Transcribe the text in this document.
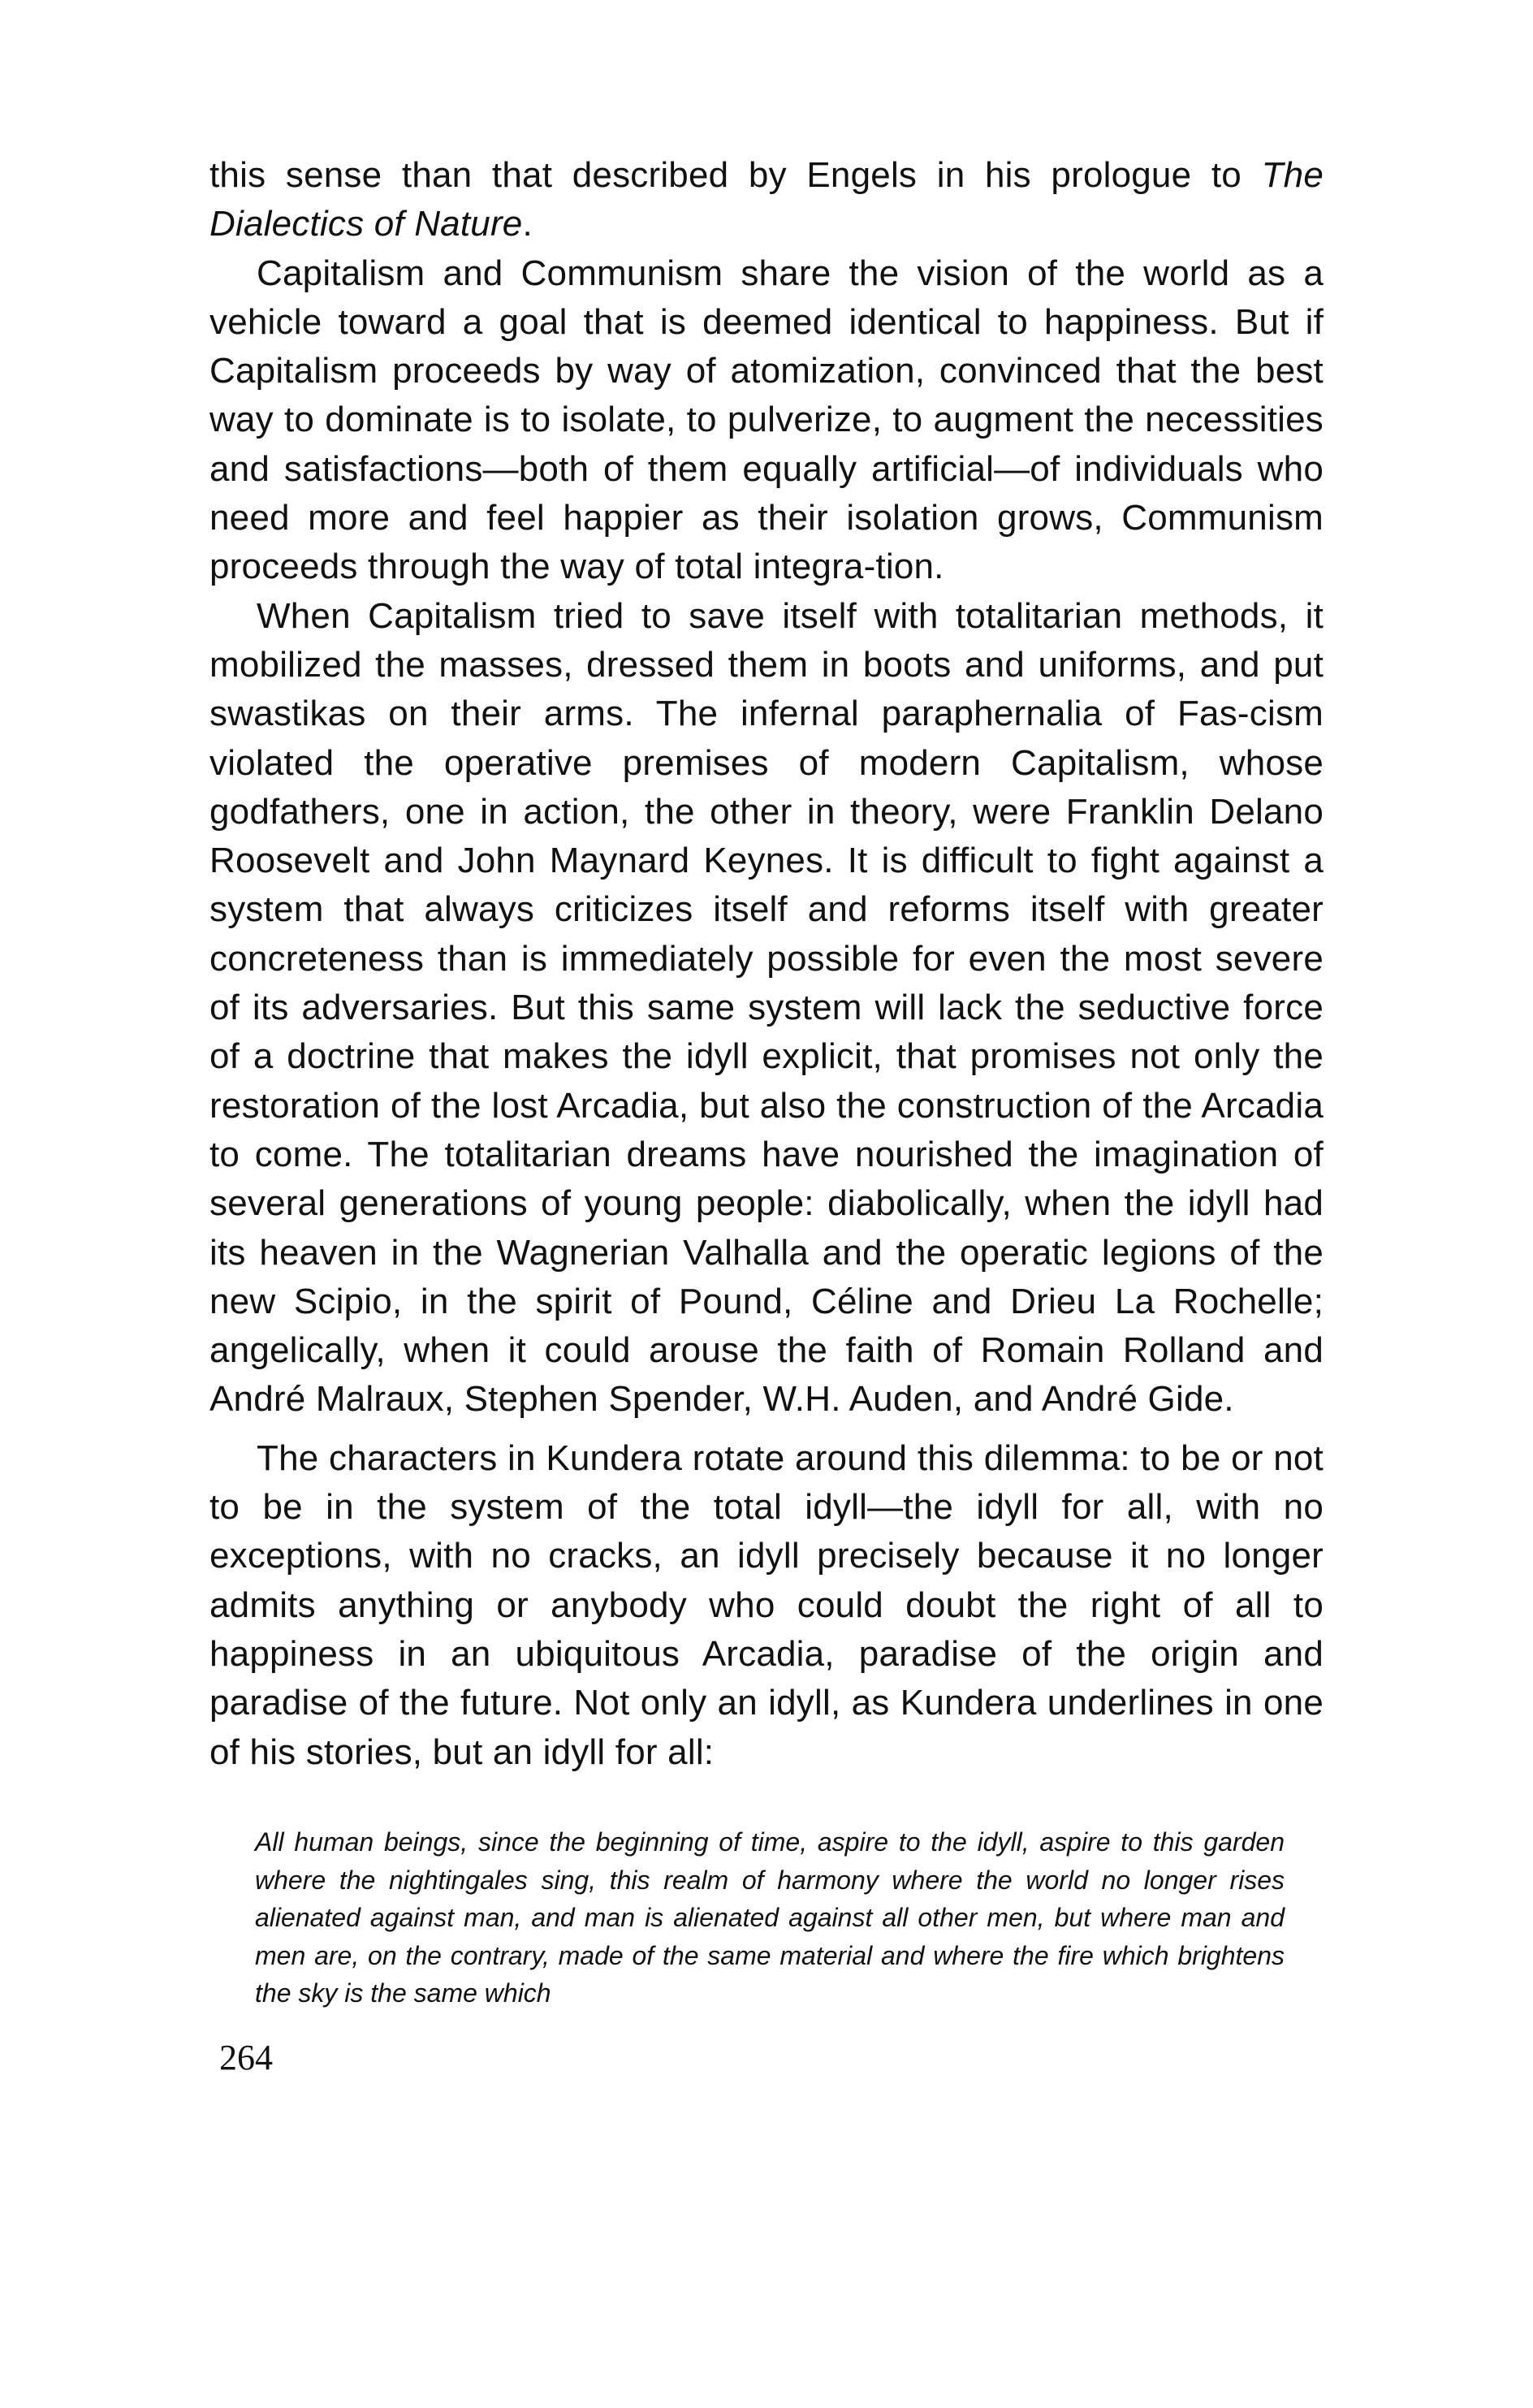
this sense than that described by Engels in his prologue to The Dialectics of Nature.

Capitalism and Communism share the vision of the world as a vehicle toward a goal that is deemed identical to happiness. But if Capitalism proceeds by way of atomization, convinced that the best way to dominate is to isolate, to pulverize, to augment the necessities and satisfactions—both of them equally artificial—of individuals who need more and feel happier as their isolation grows, Communism proceeds through the way of total integra-tion.

When Capitalism tried to save itself with totalitarian methods, it mobilized the masses, dressed them in boots and uniforms, and put swastikas on their arms. The infernal paraphernalia of Fas-cism violated the operative premises of modern Capitalism, whose godfathers, one in action, the other in theory, were Franklin Delano Roosevelt and John Maynard Keynes. It is difficult to fight against a system that always criticizes itself and reforms itself with greater concreteness than is immediately possible for even the most severe of its adversaries. But this same system will lack the seductive force of a doctrine that makes the idyll explicit, that promises not only the restoration of the lost Arcadia, but also the construction of the Arcadia to come. The totalitarian dreams have nourished the imagination of several generations of young people: diabolically, when the idyll had its heaven in the Wagnerian Valhalla and the operatic legions of the new Scipio, in the spirit of Pound, Céline and Drieu La Rochelle; angelically, when it could arouse the faith of Romain Rolland and André Malraux, Stephen Spender, W.H. Auden, and André Gide.

The characters in Kundera rotate around this dilemma: to be or not to be in the system of the total idyll—the idyll for all, with no exceptions, with no cracks, an idyll precisely because it no longer admits anything or anybody who could doubt the right of all to happiness in an ubiquitous Arcadia, paradise of the origin and paradise of the future. Not only an idyll, as Kundera underlines in one of his stories, but an idyll for all:

All human beings, since the beginning of time, aspire to the idyll, aspire to this garden where the nightingales sing, this realm of harmony where the world no longer rises alienated against man, and man is alienated against all other men, but where man and men are, on the contrary, made of the same material and where the fire which brightens the sky is the same which

264
